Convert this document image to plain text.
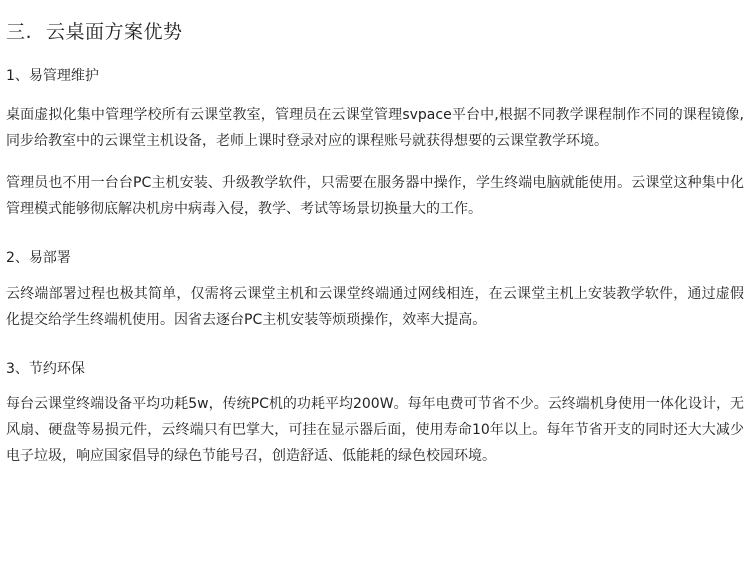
三. 云桌面方案优势
1、易管理维护

桌面虚拟化集中管理学校所有云课堂教室，管理员在云课堂管理svpace平台中,根据不同教学课程制作不同的课程镜像, 同步给教室中的云课堂主机设备，老师上课时登录对应的课程账号就获得想要的云课堂教学环境。

管理员也不用一台台PC主机安装、升级教学软件，只需要在服务器中操作，学生终端电脑就能使用。云课堂这种集中化管理模式能够彻底解决机房中病毒入侵，教学、考试等场景切换量大的工作。

2、易部署

云终端部署过程也极其简单，仅需将云课堂主机和云课堂终端通过网线相连，在云课堂主机上安装教学软件，通过虚假化提交给学生终端机使用。因省去逐台PC主机安装等烦琐操作，效率大提高。

3、节约环保

每台云课堂终端设备平均功耗5w，传统PC机的功耗平均200W。每年电费可节省不少。云终端机身使用一体化设计，无风扇、硬盘等易损元件，云终端只有巴掌大，可挂在显示器后面，使用寿命10年以上。每年节省开支的同时还大大减少电子垃圾，响应国家倡导的绿色节能号召，创造舒适、低能耗的绿色校园环境。
